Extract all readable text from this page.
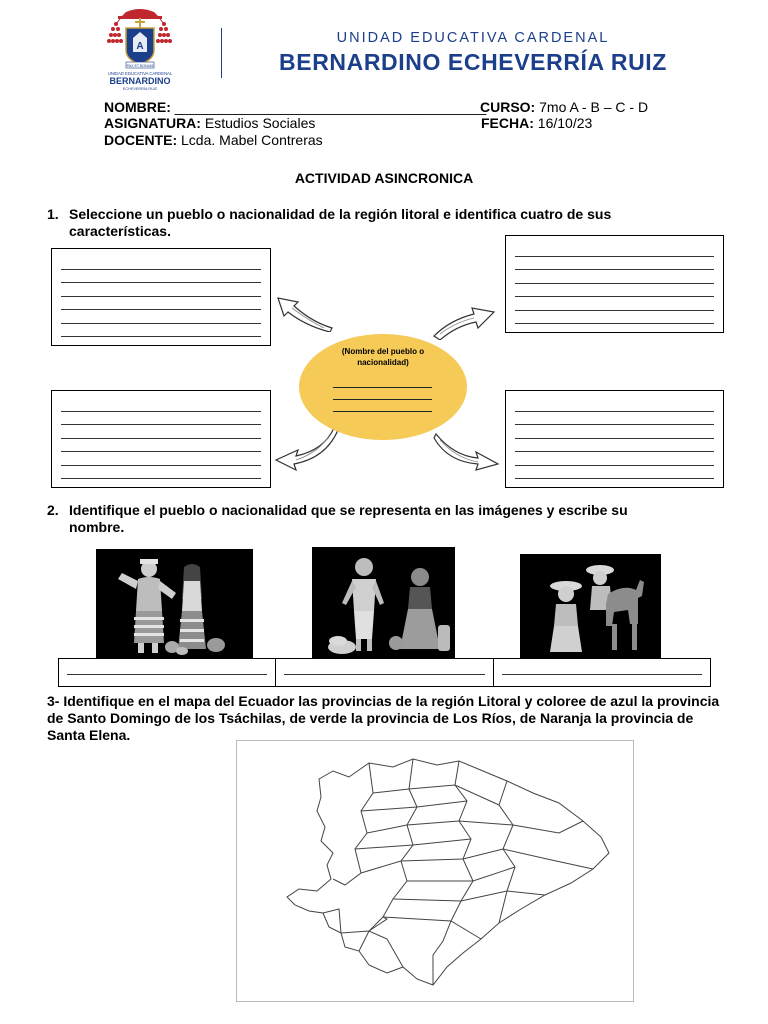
A
PAX ET BONUM
UNIDAD EDUCATIVA CARDENAL
BERNARDINO
ECHEVERRÍA RUIZ
UNIDAD EDUCATIVA CARDENAL
BERNARDINO ECHEVERRÍA RUIZ
NOMBRE: ________________________________________
CURSO: 7mo A - B – C - D
ASIGNATURA: Estudios Sociales	FECHA: 16/10/23
DOCENTE: Lcda. Mabel Contreras
ACTIVIDAD ASINCRONICA
1. Seleccione un pueblo o nacionalidad de la región litoral e identifica cuatro de sus características.
(Nombre del pueblo o nacionalidad)
2. Identifique el pueblo o nacionalidad que se representa en las imágenes y escribe su nombre.
3- Identifique en el mapa del Ecuador las provincias de la región Litoral y coloree de azul la provincia de Santo Domingo de los Tsáchilas, de verde la provincia de Los Ríos, de Naranja la provincia de Santa Elena.
